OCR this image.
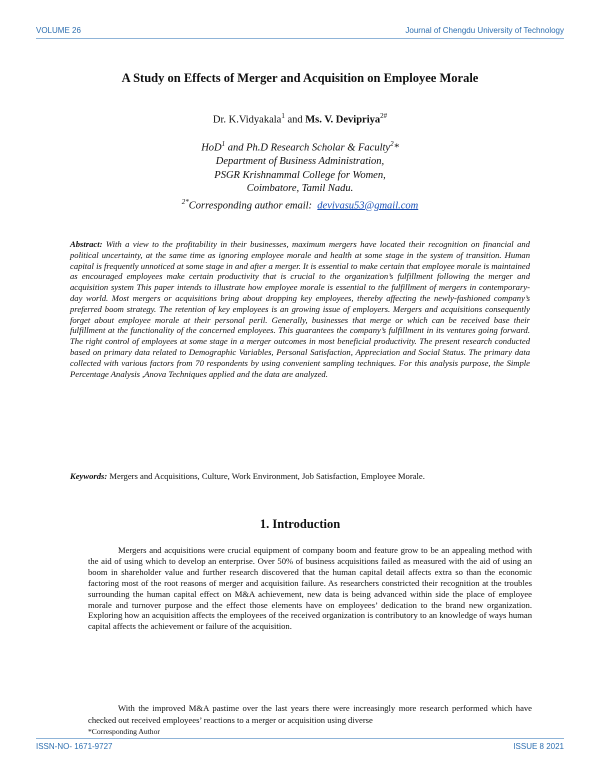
VOLUME 26	Journal of Chengdu University of Technology
A Study on Effects of Merger and Acquisition on Employee Morale
Dr. K.Vidyakala$^1$ and Ms. V. Devipriya$^{2\#}$
HoD$^1$ and Ph.D Research Scholar & Faculty$^2$*
Department of Business Administration,
PSGR Krishnammal College for Women,
Coimbatore, Tamil Nadu.
$^{2*}$Corresponding author email: devivasu53@gmail.com
Abstract: With a view to the profitability in their businesses, maximum mergers have located their recognition on financial and political uncertainty, at the same time as ignoring employee morale and health at some stage in the system of transition. Human capital is frequently unnoticed at some stage in and after a merger. It is essential to make certain that employee morale is maintained as encouraged employees make certain productivity that is crucial to the organization’s fulfillment following the merger and acquisition system This paper intends to illustrate how employee morale is essential to the fulfillment of mergers in contemporary-day world. Most mergers or acquisitions bring about dropping key employees, thereby affecting the newly-fashioned company’s preferred boom strategy. The retention of key employees is an growing issue of employers. Mergers and acquisitions consequently forget about employee morale at their personal peril. Generally, businesses that merge or which can be received base their fulfillment at the functionality of the concerned employees. This guarantees the company’s fulfillment in its ventures going forward. The right control of employees at some stage in a merger outcomes in most beneficial productivity. The present research conducted based on primary data related to Demographic Variables, Personal Satisfaction, Appreciation and Social Status. The primary data collected with various factors from 70 respondents by using convenient sampling techniques. For this analysis purpose, the Simple Percentage Analysis ,Anova Techniques applied and the data are analyzed.
Keywords: Mergers and Acquisitions, Culture, Work Environment, Job Satisfaction, Employee Morale.
1. Introduction
Mergers and acquisitions were crucial equipment of company boom and feature grow to be an appealing method with the aid of using which to develop an enterprise. Over 50% of business acquisitions failed as measured with the aid of using an boom in shareholder value and further research discovered that the human capital detail affects extra so than the economic factoring most of the root reasons of merger and acquisition failure. As researchers constricted their recognition at the troubles surrounding the human capital effect on M&A achievement, new data is being advanced within side the place of employee morale and turnover purpose and the effect those elements have on employees’ dedication to the brand new organization. Exploring how an acquisition affects the employees of the received organization is contributory to an knowledge of ways human capital affects the achievement or failure of the acquisition.
With the improved M&A pastime over the last years there were increasingly more research performed which have checked out received employees’ reactions to a merger or acquisition using diverse
*Corresponding Author
ISSN-NO- 1671-9727	ISSUE 8 2021
